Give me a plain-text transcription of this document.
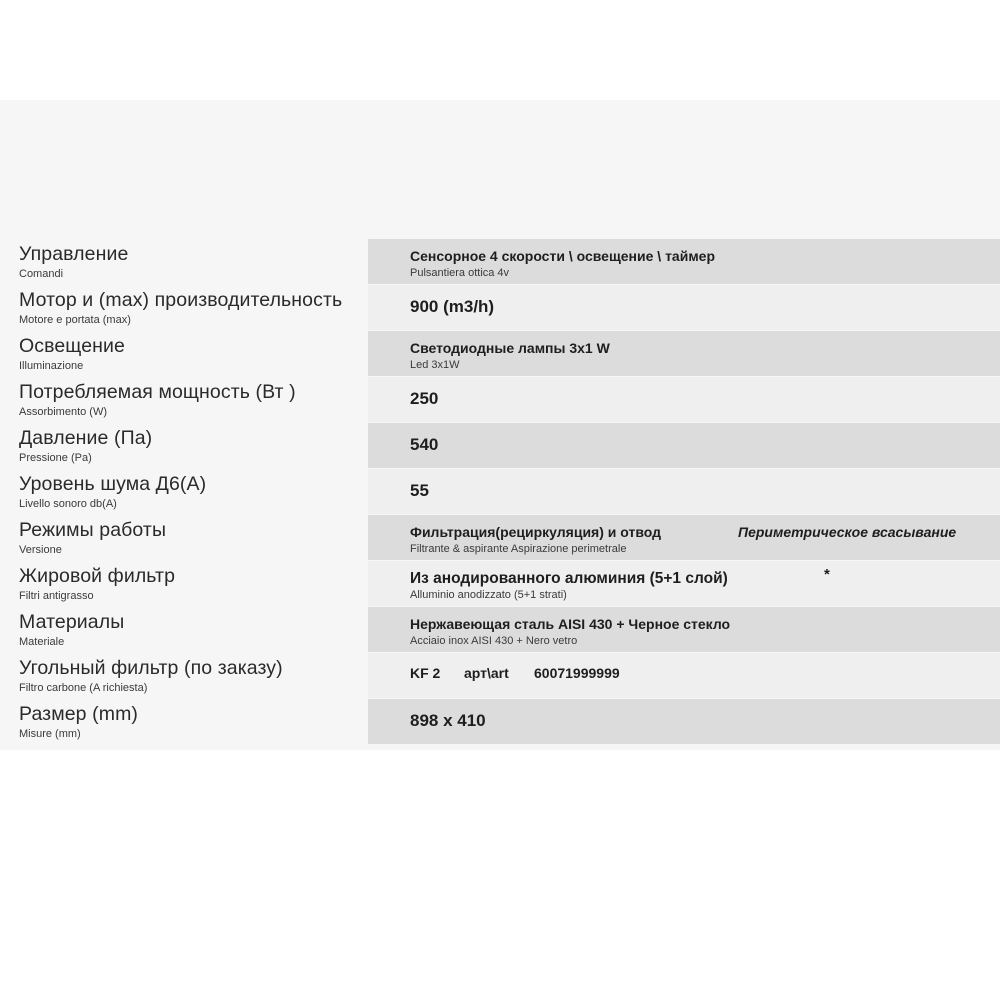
Управление
Comandi
Сенсорное 4 скорости \ освещение \ таймер
Pulsantiera ottica 4v
Мотор и (max) производительность
Motore e portata (max)
900 (m3/h)
Освещение
Illuminazione
Светодиодные лампы 3х1 W
Led 3x1W
Потребляемая мощность (Вт )
Assorbimento (W)
250
Давление (Па)
Pressione (Pa)
540
Уровень шума Д6(А)
Livello sonoro db(A)
55
Режимы работы
Versione
Фильтрация(рециркуляция) и отвод	Периметрическое всасывание
Filtrante & aspirante Aspirazione perimetrale
Жировой фильтр
Filtri antigrasso
Из анодированного алюминия (5+1 слой)	*
Alluminio anodizzato (5+1 strati)
Материалы
Materiale
Нержавеющая сталь AISI 430 + Черное стекло
Acciaio inox AISI 430 + Nero vetro
Угольный фильтр (по заказу)
Filtro carbone (A richiesta)
KF 2 арт\art 60071999999
Размер (mm)
Misure (mm)
898 x 410
